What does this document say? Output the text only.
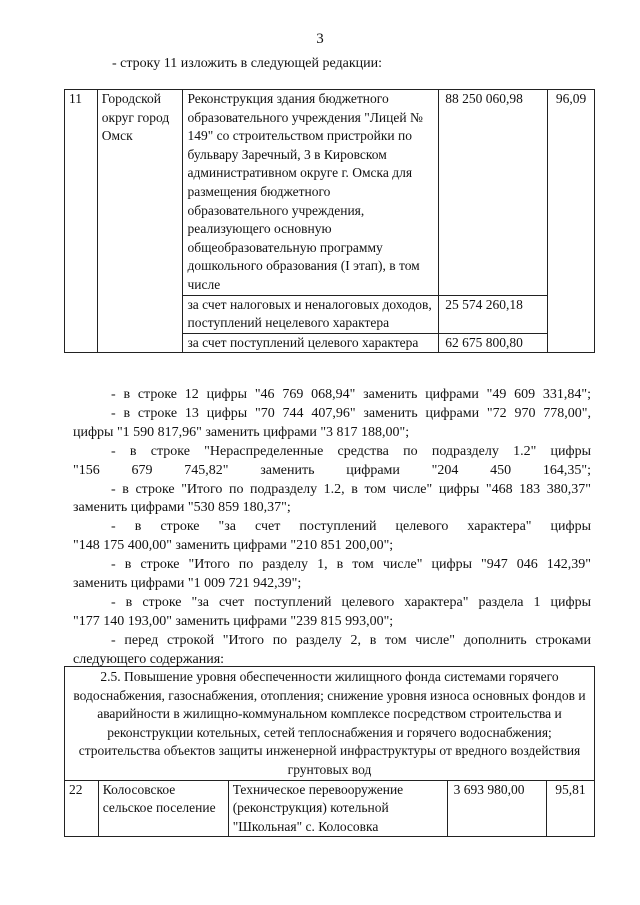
3
- строку 11 изложить в следующей редакции:
11	Городской округ город Омск	Реконструкция здания бюджетного образовательного учреждения "Лицей № 149" со строительством пристройки по бульвару Заречный, 3 в Кировском административном округе г. Омска для размещения бюджетного образовательного учреждения, реализующего основную общеобразовательную программу дошкольного образования (I этап), в том числе	88 250 060,98	96,09
		за счет налоговых и неналоговых доходов, поступлений нецелевого характера	25 574 260,18	
		за счет поступлений целевого характера	62 675 800,80	
- в строке 12 цифры "46 769 068,94" заменить цифрами "49 609 331,84";
- в строке 13 цифры "70 744 407,96" заменить цифрами "72 970 778,00",
цифры "1 590 817,96" заменить цифрами "3 817 188,00";
- в строке "Нераспределенные средства по подразделу 1.2" цифры
"156 679 745,82" заменить цифрами "204 450 164,35";
- в строке "Итого по подразделу 1.2, в том числе" цифры "468 183 380,37"
заменить цифрами "530 859 180,37";
- в строке "за счет поступлений целевого характера" цифры
"148 175 400,00" заменить цифрами "210 851 200,00";
- в строке "Итого по разделу 1, в том числе" цифры "947 046 142,39"
заменить цифрами "1 009 721 942,39";
- в строке "за счет поступлений целевого характера" раздела 1 цифры
"177 140 193,00" заменить цифрами "239 815 993,00";
- перед строкой "Итого по разделу 2, в том числе" дополнить строками
следующего содержания:
2.5. Повышение уровня обеспеченности жилищного фонда системами горячего водоснабжения, газоснабжения, отопления; снижение уровня износа основных фондов и аварийности в жилищно-коммунальном комплексе посредством строительства и реконструкции котельных, сетей теплоснабжения и горячего водоснабжения; строительства объектов защиты инженерной инфраструктуры от вредного воздействия грунтовых вод
22	Колосовское сельское поселение	Техническое перевооружение (реконструкция) котельной "Школьная" с. Колосовка	3 693 980,00	95,81
